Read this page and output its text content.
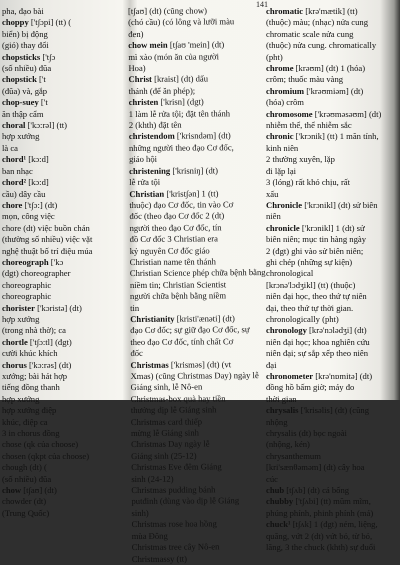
141
pha, đạo bài
choppy ['t∫ɔpi] (tt) (
biển) bị động
(gió) thay đổi
chopsticks ['t∫ɔ
(số nhiều) đũa
chopstick ['t
(đũa) và, gắp
chop-suey ['t
ăn thập cẩm
choral ['kɔ:rəl] (tt)
hợp xướng
là ca
chord¹ [kɔ:d]
ban nhạc
chord² [kɔ:d]
cầu) dây cầu
chore ['t∫ɔ:] (dt)
mọn, công việc
chore (dt) việc buồn chán
(thường số nhiều) việc vặt
nghệ thuật bố trí điệu múa
choreograph ['kɔ
(dgt) choreographer
choreographic
choreographic
chorister ['kɔristə] (dt)
hợp xướng
(trong nhà thờ); ca
chortle ['t∫ɔ:tl] (đgt)
cười khúc khích
chorus ['kɔ:rəs] (dt)
xướng; bài hát hợp
tiếng đồng thanh
hợp xướng
hợp xướng điệp
khúc, điệp ca
3 in chorus đồng
chose (qk của choose)
chosen (qkpt của choose)
chough (dt) (
(số nhiều) đũa
chow [t∫aʊ] (dt)
chowder (dt)
(Trung Quốc)
[t∫aʊ] (dt) (cũng chow)
(chó cầu) (có lông và lưỡi màu
đen)
chow mein [t∫aʊ 'mein] (dt)
mì xào (món ăn của người
Hoa)
Christ [kraist] (dt) dấu
thánh (để ăn phép);
christen ['krisn] (dgt)
1 làm lễ rửa tội; đặt tên thánh
2 (khth) đặt tên
christendom ['krisndəm] (dt)
những người theo đạo Cơ đốc,
giáo hội
christening ['krisniŋ] (dt)
lễ rửa tội
Christian ['krist∫ən] 1 (tt)
thuộc) đạo Cơ đốc, tin vào Cơ
đốc (theo đạo Cơ đốc 2 (dt)
người theo đạo Cơ đốc, tín
đồ Cơ đốc 3 Christian era
kỷ nguyên Cơ đốc giáo
Christian name tên thánh
Christian Science phép chữa bệnh bằng
niềm tin; Christian Scientist
người chữa bệnh bằng niềm
tin
Christianity [kristi'ænəti] (dt)
đạo Cơ đốc; sự giữ đạo Cơ đốc, sự
theo đạo Cơ đốc, tính chất Cơ
đốc
Christmas ['krisməs] (dt) (vt
Xmas) (cũng Christmas Day) ngày lễ
Giáng sinh, lễ Nô-en
Christmas-box quà hay tiền
thưởng dịp lễ Giáng sinh
Christmas card thiếp
mừng lễ Giáng sinh
Christmas Day ngày lễ
Giáng sinh (25-12)
Christmas Eve đêm Giáng
sinh (24-12)
Christmas pudding bánh
putđinh (dùng vào dịp lễ Giáng
sinh)
Christmas rose hoa hồng
mùa Đông
Christmas tree cây Nô-en
Christmassy (tt)
chromatic [krə'mætik] (tt)
(thuộc) màu; (nhạc) nửa cung
chromatic scale nửa cung
(thuộc) nửa cung. chromatically
(pht)
chrome [krəʊm] (dt) 1 (hóa)
crôm; thuốc màu vàng
chromium ['krəʊmiəm] (dt)
(hóa) crôm
chromosome ['krəʊməsəʊm] (dt)
nhiễm thể, thể nhiễm sắc
chronic ['krɔnik] (tt) 1 mãn tính,
kinh niên
2 thường xuyên, lặp
đi lặp lại
3 (lóng) rất khó chịu, rất
xấu
Chronicle ['krɔnikl] (dt) sử biên
niên
chronicle ['krɔnikl] 1 (dt) sử
biên niên; mục tin hàng ngày
2 (đgt) ghi vào sử biên niên;
ghi chép (những sự kiện)
chronological
[krɔnə'lɔdʒikl] (tt) (thuộc)
niên đại học, theo thứ tự niên
đại, theo thứ tự thời gian.
chronologically (pht)
chronology [krə'nɔlədʒi] (dt)
niên đại học; khoa nghiên cứu
niên đại; sự sắp xếp theo niên
đại
chronometer [krə'nɒmitə] (dt)
đồng hồ bấm giờ; máy đo
thời gian
chrysalis ['krisəlis] (dt) (cũng
nhộng
chrysalis (dt) bọc ngoài
(nhộng, kén)
chrysanthemum
[kri'sænθəməm] (dt) cây hoa
cúc
chub [t∫ʌb] (dt) cá bống
chubby ['t∫ʌbi] (tt) mũm mĩm,
phúng phính, phinh phính (má)
chuck¹ [t∫ʌk] 1 (đgt) ném, liệng,
quăng, vứt 2 (dt) vứt bỏ, từ bỏ,
lăng, 3 the chuck (khth) sự đuổi
